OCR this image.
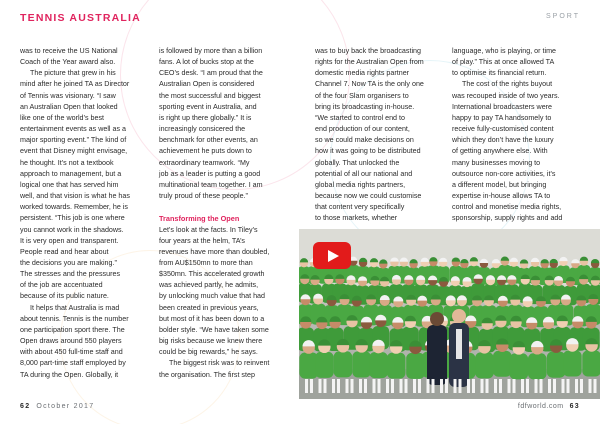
TENNIS AUSTRALIA	SPORT

was to receive the US National

Coach of the Year award also.

The picture that grew in his

mind after he joined TA as Director

of Tennis was visionary. “I saw

an Australian Open that looked

like one of the world’s best

entertainment events as well as a

major sporting event.” The kind of

event that Disney might envisage,

he thought. It’s not a textbook

approach to management, but a

logical one that has served him

well, and that vision is what he has

worked towards. Remember, he is

persistent. “This job is one where

you cannot work in the shadows.

It is very open and transparent.

People read and hear about

the decisions you are making.”

The stresses and the pressures

of the job are accentuated

because of its public nature.

It helps that Australia is mad

about tennis. Tennis is the number

one participation sport there. The

Open draws around 550 players

with about 450 full-time staff and

8,000 part-time staff employed by

TA during the Open. Globally, it

is followed by more than a billion

fans. A lot of bucks stop at the

CEO’s desk. “I am proud that the

Australian Open is considered

the most successful and biggest

sporting event in Australia, and

is right up there globally.” It is

increasingly consicered the

benchmark for other events, an

achievement he puts down to

extraordinary teamwork. “My

job as a leader is putting a good

multinational team together. I am

truly proud of these people.”

Transforming the Open

Let’s look at the facts. In Tiley’s

four years at the helm, TA’s

revenues have more than doubled,

from AU$150mn to more than

$350mn. This accelerated growth

was achieved partly, he admits,

by unlocking much value that had

been created in previous years,

but most of it has been down to a

bolder style. “We have taken some

big risks because we knew there

could be big rewards,” he says.

The biggest risk was to reinvent

the organisation. The first step

was to buy back the broadcasting

rights for the Australian Open from

domestic media rights partner

Channel 7. Now TA is the only one

of the four Slam organisers to

bring its broadcasting in-house.

“We started to control end to

end production of our content,

so we could make decisions on

how it was going to be distributed

globally. That unlocked the

potential of all our national and

global media rights partners,

because now we could customise

that content very specifically

to those markets, whether

language, who is playing, or time

of play.” This at once allowed TA

to optimise its financial return.

The cost of the rights buyout

was recouped inside of two years.

International broadcasters were

happy to pay TA handsomely to

receive fully-customised content

which they don’t have the luxury

of getting anywhere else. With

many businesses moving to

outsource non-core activities, it’s

a different model, but bringing

expertise in-house allows TA to

control and monetise media rights,

sponsorship, supply rights and add

62 October 2017	fdfworld.com 63
